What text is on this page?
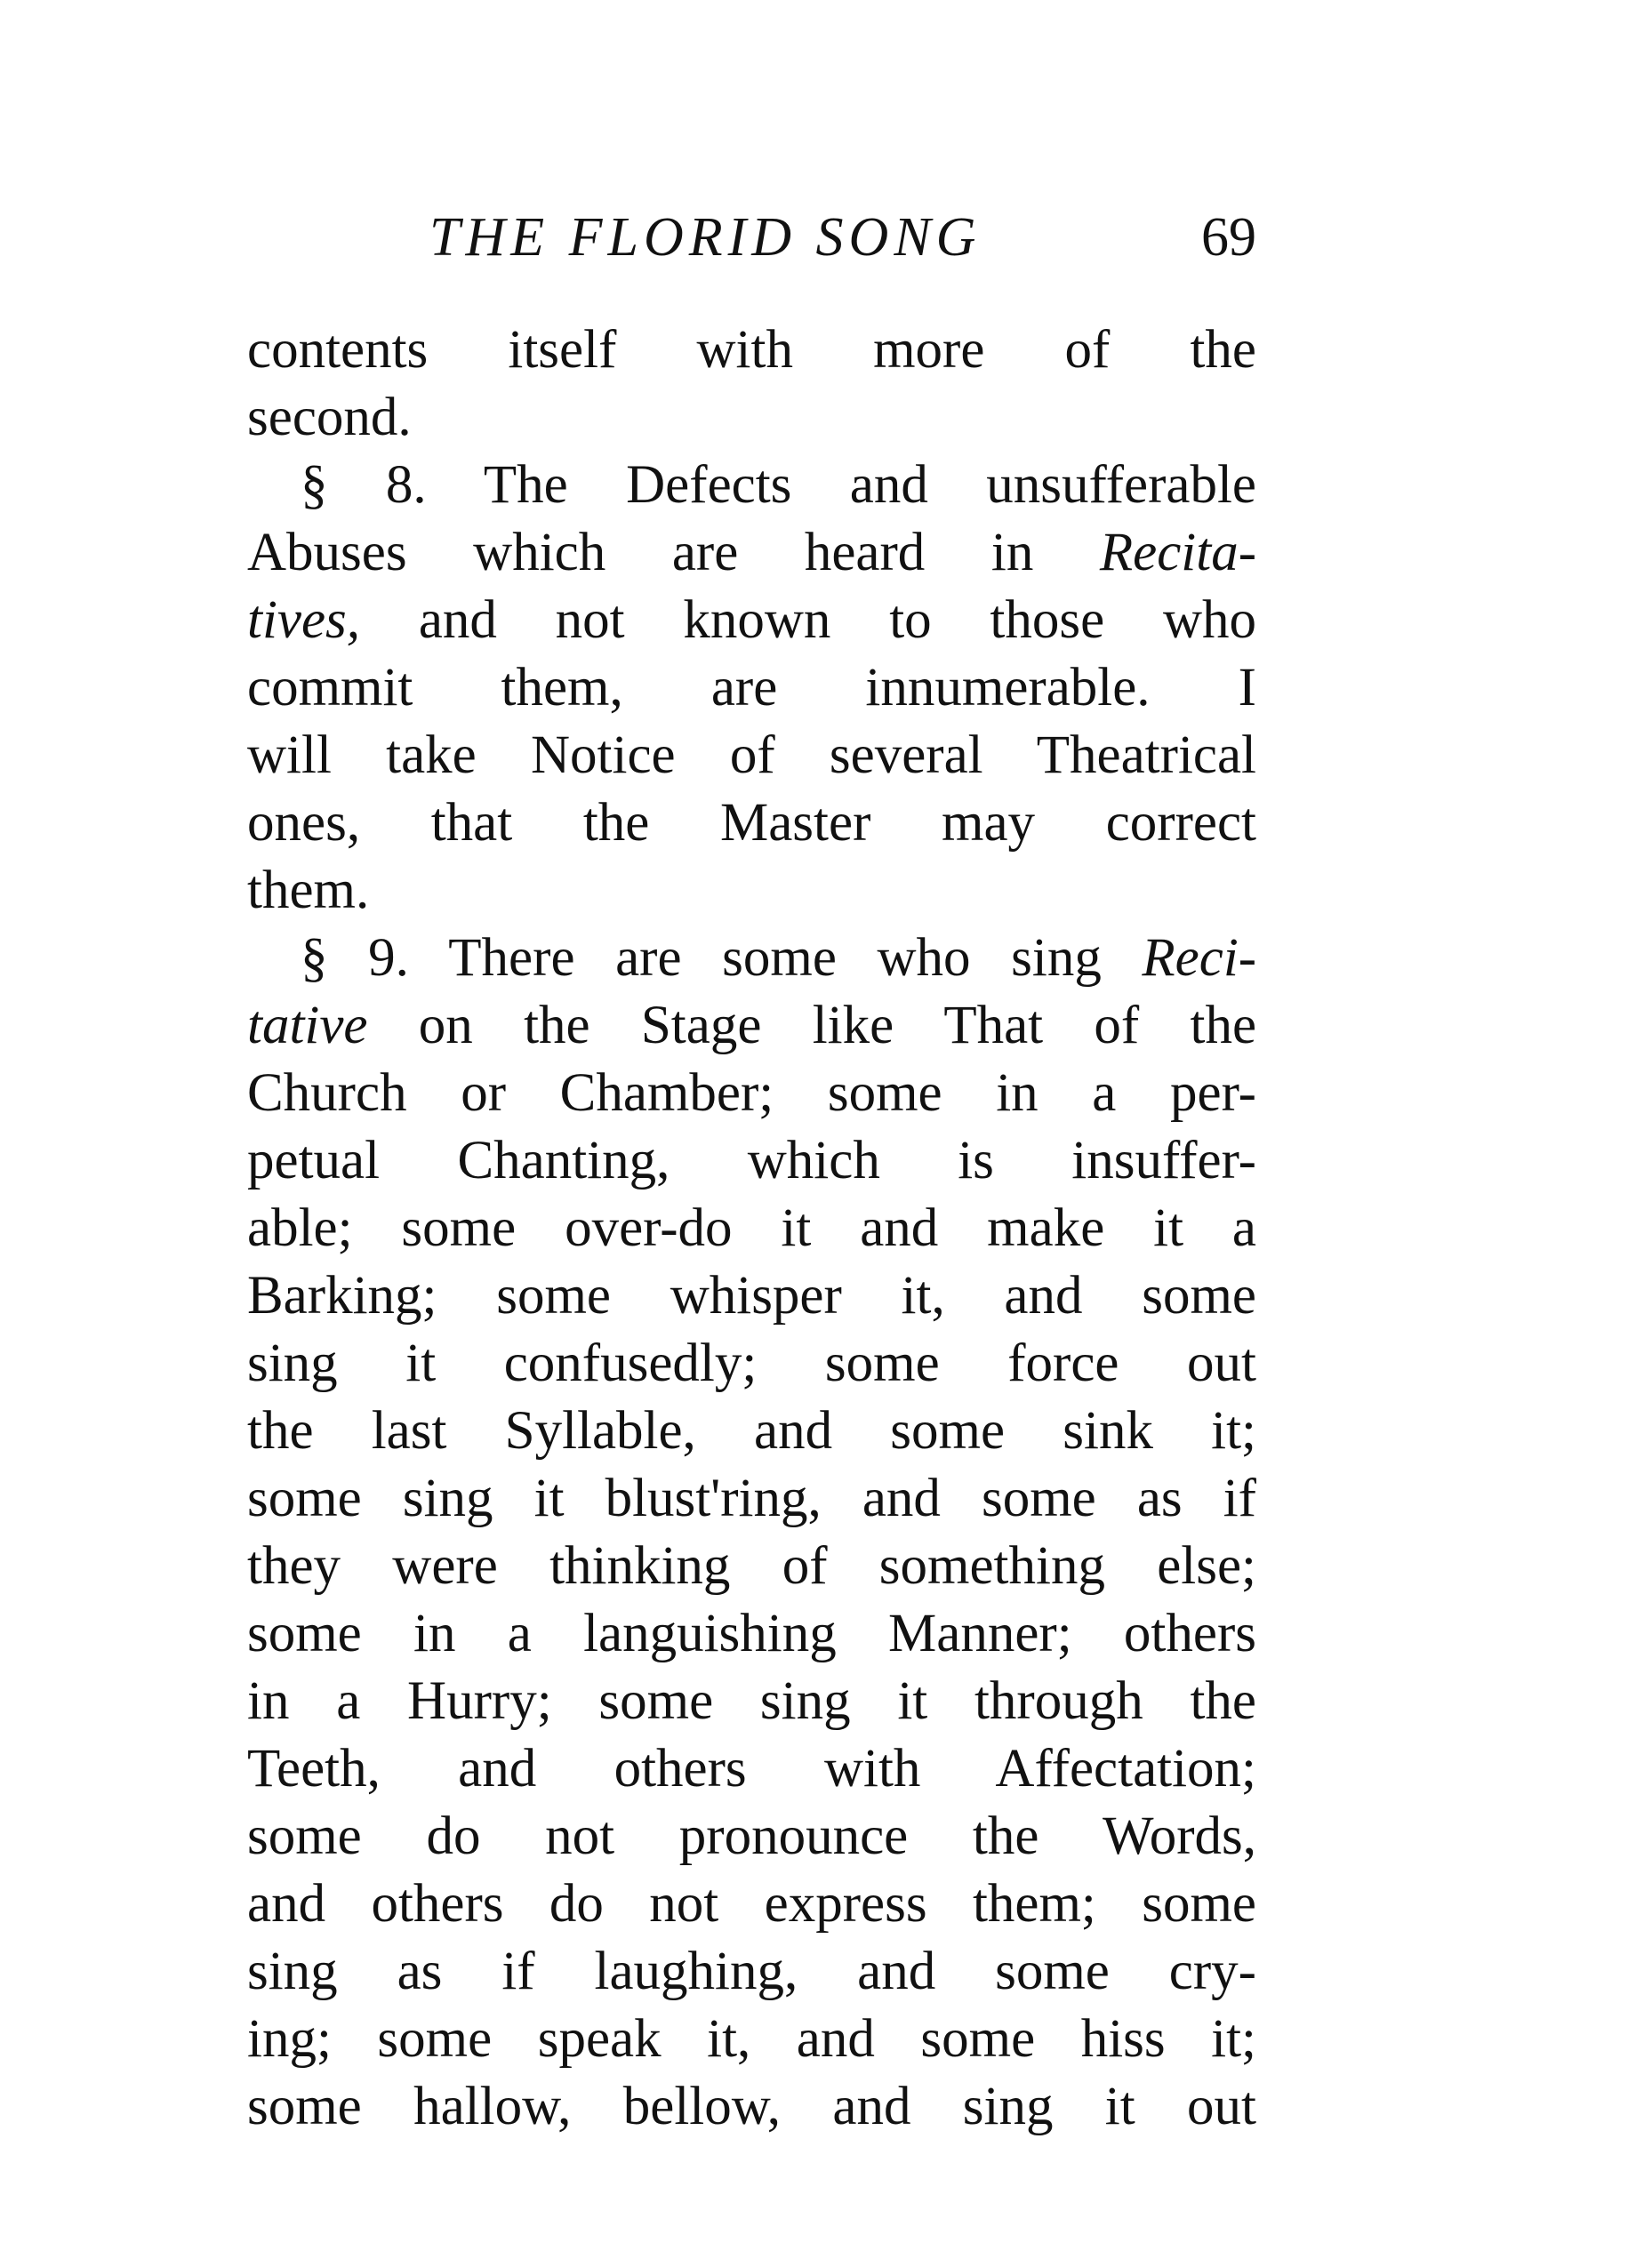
THE FLORID SONG	69
contents itself with more of the
second.
§ 8. The Defects and unsufferable
Abuses which are heard in Recita-
tives, and not known to those who
commit them, are innumerable. I
will take Notice of several Theatrical
ones, that the Master may correct
them.
§ 9. There are some who sing Reci-
tative on the Stage like That of the
Church or Chamber; some in a per-
petual Chanting, which is insuffer-
able; some over-do it and make it a
Barking; some whisper it, and some
sing it confusedly; some force out
the last Syllable, and some sink it;
some sing it blust'ring, and some as if
they were thinking of something else;
some in a languishing Manner; others
in a Hurry; some sing it through the
Teeth, and others with Affectation;
some do not pronounce the Words,
and others do not express them; some
sing as if laughing, and some cry-
ing; some speak it, and some hiss it;
some hallow, bellow, and sing it out
